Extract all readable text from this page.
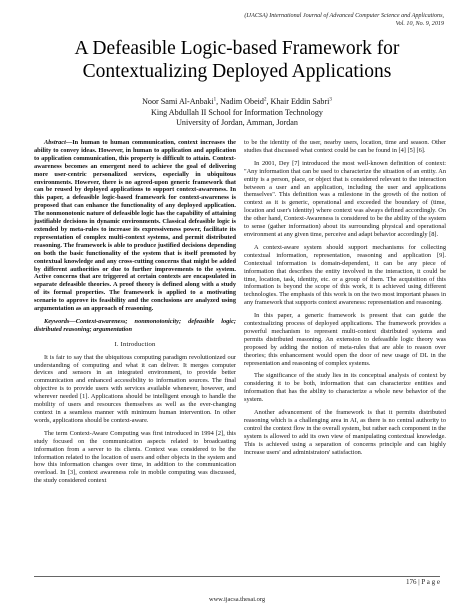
(IJACSA) International Journal of Advanced Computer Science and Applications,
Vol. 10, No. 9, 2019
A Defeasible Logic-based Framework for
Contextualizing Deployed Applications
Noor Sami Al-Anbaki$^1$, Nadim Obeid$^2$, Khair Eddin Sabri$^3$
King Abdullah II School for Information Technology
University of Jordan, Amman, Jordan

Abstract—In human to human communication, context increases the ability to convey ideas. However, in human to application and application to application communication, this property is difficult to attain. Context-awareness becomes an emergent need to achieve the goal of delivering more user-centric personalized services, especially in ubiquitous environments. However, there is no agreed-upon generic framework that can be reused by deployed applications to support context-awareness. In this paper, a defeasible logic-based framework for context-awareness is proposed that can enhance the functionality of any deployed application. The nonmonotonic nature of defeasible logic has the capability of attaining justifiable decisions in dynamic environments. Classical defeasible logic is extended by meta-rules to increase its expressiveness power, facilitate its representation of complex multi-context systems, and permit distributed reasoning. The framework is able to produce justified decisions depending on both the basic functionality of the system that is itself promoted by contextual knowledge and any cross-cutting concerns that might be added by different authorities or due to further improvements to the system. Active concerns that are triggered at certain contexts are encapsulated in separate defeasible theories. A proof theory is defined along with a study of its formal properties. The framework is applied to a motivating scenario to approve its feasibility and the conclusions are analyzed using argumentation as an approach of reasoning.

Keywords—Context-awareness; nonmonotonicity; defeasible logic; distributed reasoning; argumentation

I. Introduction

It is fair to say that the ubiquitous computing paradigm revolutionized our understanding of computing and what it can deliver. It merges computer devices and sensors in an integrated environment, to provide better communication and enhanced accessibility to information sources. The final objective is to provide users with services available whenever, however, and wherever needed [1]. Applications should be intelligent enough to handle the mobility of users and resources themselves as well as the ever-changing context in a seamless manner with minimum human intervention. In other words, applications should be context-aware.

The term Context-Aware Computing was first introduced in 1994 [2], this study focused on the communication aspects related to broadcasting information from a server to its clients. Context was considered to be the information related to the location of users and other objects in the system and how this information changes over time, in addition to the communication overload. In [3], context awareness role in mobile computing was discussed, the study considered context

to be the identity of the user, nearby users, location, time and season. Other studies that discussed what context could be can be found in [4] [5] [6].

In 2001, Dey [7] introduced the most well-known definition of context: "Any information that can be used to characterize the situation of an entity. An entity is a person, place, or object that is considered relevant to the interaction between a user and an application, including the user and applications themselves". This definition was a milestone in the growth of the notion of context as it is generic, operational and exceeded the boundary of (time, location and user's identity) where context was always defined accordingly. On the other hand, Context-Awareness is considered to be the ability of the system to sense (gather information) about its surrounding physical and operational environment at any given time, perceive and adapt behavior accordingly [8].

A context-aware system should support mechanisms for collecting contextual information, representation, reasoning and application [9]. Contextual information is domain-dependent, it can be any piece of information that describes the entity involved in the interaction, it could be time, location, task, identity, etc. or a group of them. The acquisition of this information is beyond the scope of this work, it is achieved using different technologies. The emphasis of this work is on the two most important phases in any framework that supports context awareness: representation and reasoning.

In this paper, a generic framework is present that can guide the contextualizing process of deployed applications. The framework provides a powerful mechanism to represent multi-context distributed systems and permits distributed reasoning. An extension to defeasible logic theory was proposed by adding the notion of meta-rules that are able to reason over theories; this enhancement would open the door of new usage of DL in the representation and reasoning of complex systems.

The significance of the study lies in its conceptual analysis of context by considering it to be both, information that can characterize entities and information that has the ability to characterize a whole new behavior of the system.

Another advancement of the framework is that it permits distributed reasoning which is a challenging area in AI, as there is no central authority to control the context flow in the overall system, but rather each component in the system is allowed to add its own view of manipulating contextual knowledge. This is achieved using a separation of concerns principle and can highly increase users' and administrators' satisfaction.

176 | P a g e
www.ijacsa.thesai.org
